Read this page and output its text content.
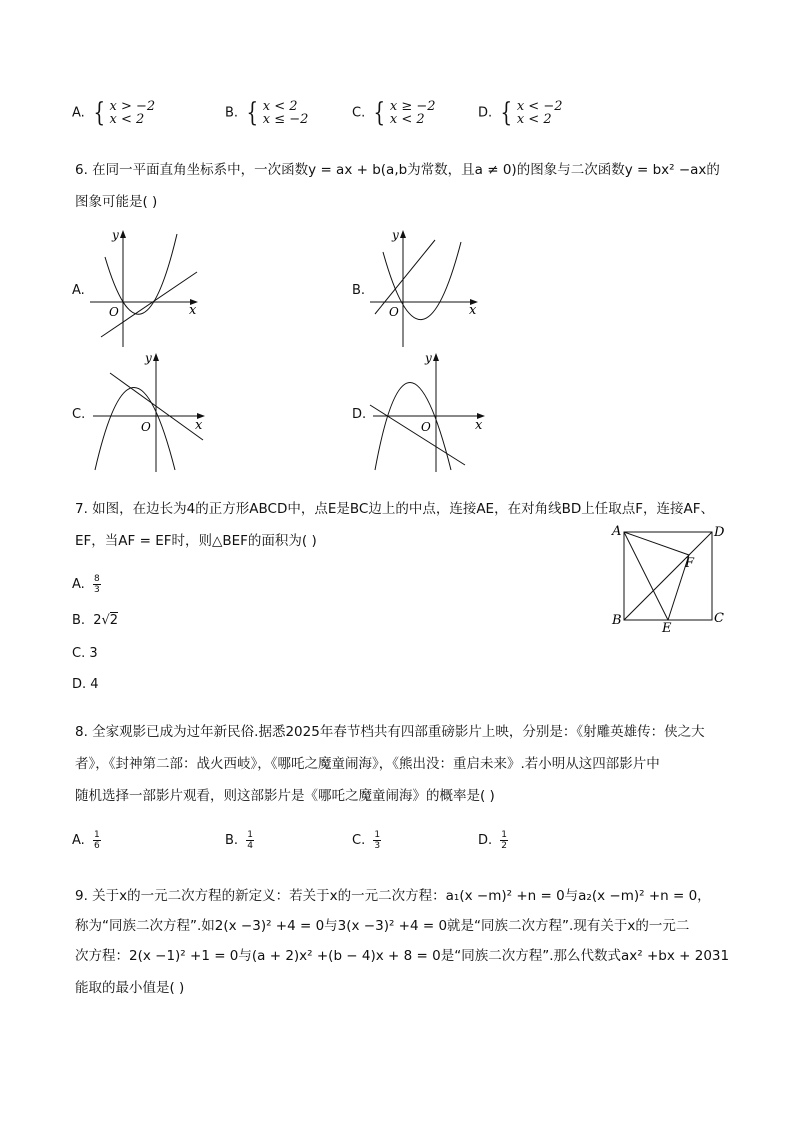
A. { x > −2
x < 2	B. { x < 2
x ≤ −2	C. { x ≥ −2
x < 2	D. { x < −2
x < 2
6. 在同一平面直角坐标系中，一次函数y = ax + b(a,b为常数，且a ≠ 0)的图象与二次函数y = bx² −ax的
图象可能是( )
A.	B.
C.	D.
x
y
O	x
y
O
x
y
O	x
y
O
7. 如图，在边长为4的正方形ABCD中，点E是BC边上的中点，连接AE，在对角线BD上任取点F，连接AF、
EF，当AF = EF时，则△BEF的面积为( )
A	D
B	C
E
F
A. $\frac{8}{3}$
B. 2√2
C. 3
D. 4
8. 全家观影已成为过年新民俗.据悉2025年春节档共有四部重磅影片上映，分别是：《射雕英雄传：侠之大
者》，《封神第二部：战火西岐》，《哪吒之魔童闹海》，《熊出没：重启未来》.若小明从这四部影片中
随机选择一部影片观看，则这部影片是《哪吒之魔童闹海》的概率是( )
A. $\frac{1}{6}$	B. $\frac{1}{4}$	C. $\frac{1}{3}$	D. $\frac{1}{2}$
9. 关于x的一元二次方程的新定义：若关于x的一元二次方程：a₁(x −m)² +n = 0与a₂(x −m)² +n = 0，
称为“同族二次方程”.如2(x −3)² +4 = 0与3(x −3)² +4 = 0就是“同族二次方程”.现有关于x的一元二
次方程：2(x −1)² +1 = 0与(a + 2)x² +(b − 4)x + 8 = 0是“同族二次方程”.那么代数式ax² +bx + 2031
能取的最小值是( )
